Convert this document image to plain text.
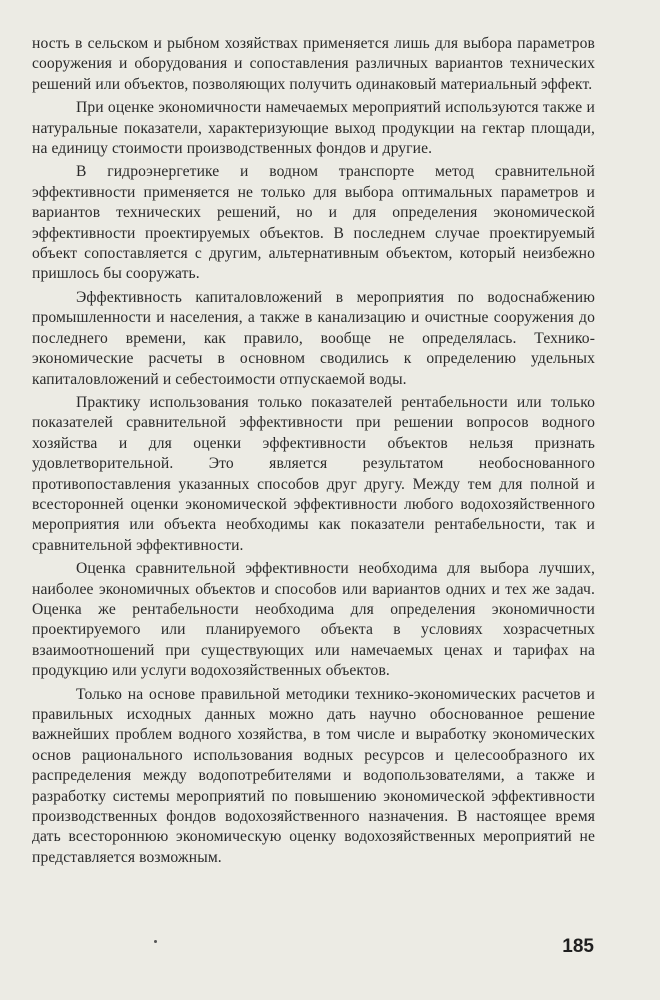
ность в сельском и рыбном хозяйствах применяется лишь для выбора параметров сооружения и оборудования и сопоставления различных вариантов технических решений или объектов, позволяющих получить одинаковый материальный эффект.

При оценке экономичности намечаемых мероприятий используются также и натуральные показатели, характеризующие выход продукции на гектар площади, на единицу стоимости производственных фондов и другие.

В гидроэнергетике и водном транспорте метод сравнительной эффективности применяется не только для выбора оптимальных параметров и вариантов технических решений, но и для определения экономической эффективности проектируемых объектов. В последнем случае проектируемый объект сопоставляется с другим, альтернативным объектом, который неизбежно пришлось бы сооружать.

Эффективность капиталовложений в мероприятия по водоснабжению промышленности и населения, а также в канализацию и очистные сооружения до последнего времени, как правило, вообще не определялась. Технико-экономические расчеты в основном сводились к определению удельных капиталовложений и себестоимости отпускаемой воды.

Практику использования только показателей рентабельности или только показателей сравнительной эффективности при решении вопросов водного хозяйства и для оценки эффективности объектов нельзя признать удовлетворительной. Это является результатом необоснованного противопоставления указанных способов друг другу. Между тем для полной и всесторонней оценки экономической эффективности любого водохозяйственного мероприятия или объекта необходимы как показатели рентабельности, так и сравнительной эффективности.

Оценка сравнительной эффективности необходима для выбора лучших, наиболее экономичных объектов и способов или вариантов одних и тех же задач. Оценка же рентабельности необходима для определения экономичности проектируемого или планируемого объекта в условиях хозрасчетных взаимоотношений при существующих или намечаемых ценах и тарифах на продукцию или услуги водохозяйственных объектов.

Только на основе правильной методики технико-экономических расчетов и правильных исходных данных можно дать научно обоснованное решение важнейших проблем водного хозяйства, в том числе и выработку экономических основ рационального использования водных ресурсов и целесообразного их распределения между водопотребителями и водопользователями, а также и разработку системы мероприятий по повышению экономической эффективности производственных фондов водохозяйственного назначения. В настоящее время дать всестороннюю экономическую оценку водохозяйственных мероприятий не представляется возможным.

185
